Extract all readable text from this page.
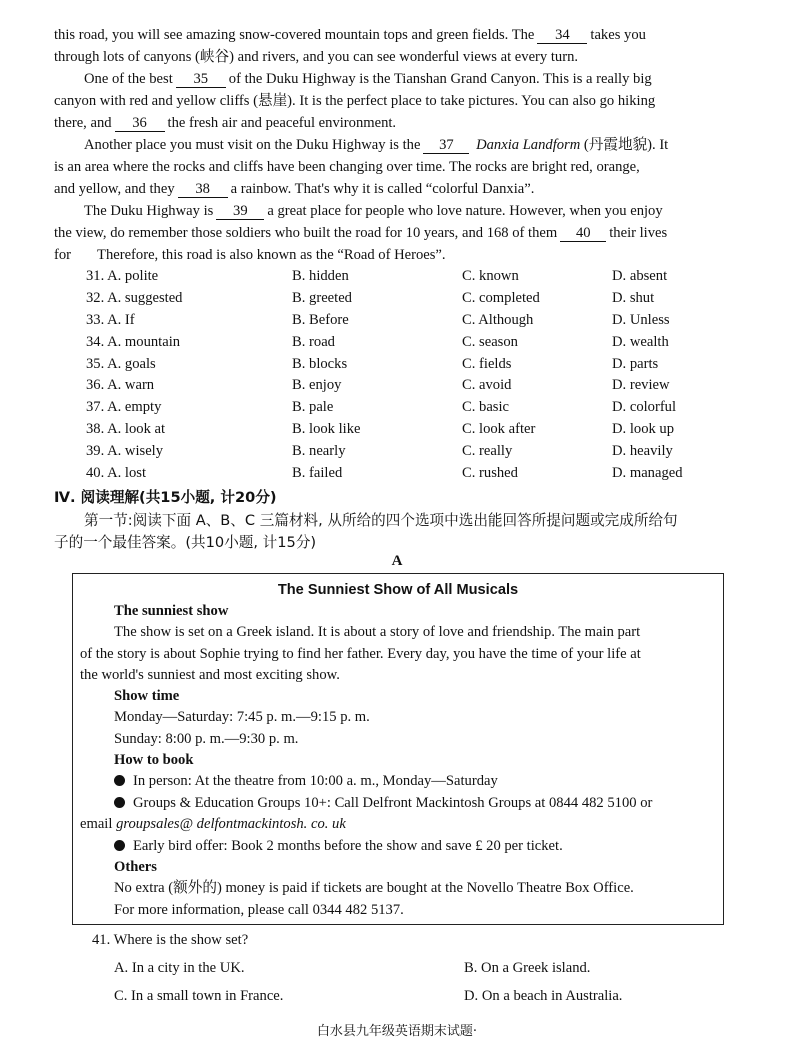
this road, you will see amazing snow-covered mountain tops and green fields. The 34 takes you
through lots of canyons (峡谷) and rivers, and you can see wonderful views at every turn.
One of the best 35 of the Duku Highway is the Tianshan Grand Canyon. This is a really big
canyon with red and yellow cliffs (悬崖). It is the perfect place to take pictures. You can also go hiking
there, and 36 the fresh air and peaceful environment.
Another place you must visit on the Duku Highway is the 37 Danxia Landform (丹霞地貌). It
is an area where the rocks and cliffs have been changing over time. The rocks are bright red, orange,
and yellow, and they 38 a rainbow. That's why it is called “colorful Danxia”.
The Duku Highway is 39 a great place for people who love nature. However, when you enjoy
the view, do remember those soldiers who built the road for 10 years, and 168 of them 40 their lives
for Therefore, this road is also known as the “Road of Heroes”.
31. A. polite	B. hidden	C. known	D. absent
32. A. suggested	B. greeted	C. completed	D. shut
33. A. If	B. Before	C. Although	D. Unless
34. A. mountain	B. road	C. season	D. wealth
35. A. goals	B. blocks	C. fields	D. parts
36. A. warn	B. enjoy	C. avoid	D. review
37. A. empty	B. pale	C. basic	D. colorful
38. A. look at	B. look like	C. look after	D. look up
39. A. wisely	B. nearly	C. really	D. heavily
40. A. lost	B. failed	C. rushed	D. managed
Ⅳ. 阅读理解(共15小题, 计20分)
第一节:阅读下面 A、B、C 三篇材料, 从所给的四个选项中选出能回答所提问题或完成所给句
子的一个最佳答案。(共10小题, 计15分)
A
The Sunniest Show of All Musicals
The sunniest show
The show is set on a Greek island. It is about a story of love and friendship. The main part
of the story is about Sophie trying to find her father. Every day, you have the time of your life at
the world's sunniest and most exciting show.
Show time
Monday—Saturday: 7:45 p. m.—9:15 p. m.
Sunday: 8:00 p. m.—9:30 p. m.
How to book
In person: At the theatre from 10:00 a. m., Monday—Saturday
Groups & Education Groups 10+: Call Delfront Mackintosh Groups at 0844 482 5100 or
email groupsales@ delfontmackintosh. co. uk
Early bird offer: Book 2 months before the show and save £ 20 per ticket.
Others
No extra (额外的) money is paid if tickets are bought at the Novello Theatre Box Office.
For more information, please call 0344 482 5137.
41. Where is the show set?
A. In a city in the UK.	B. On a Greek island.
C. In a small town in France.	D. On a beach in Australia.
白水县九年级英语期末试题·
